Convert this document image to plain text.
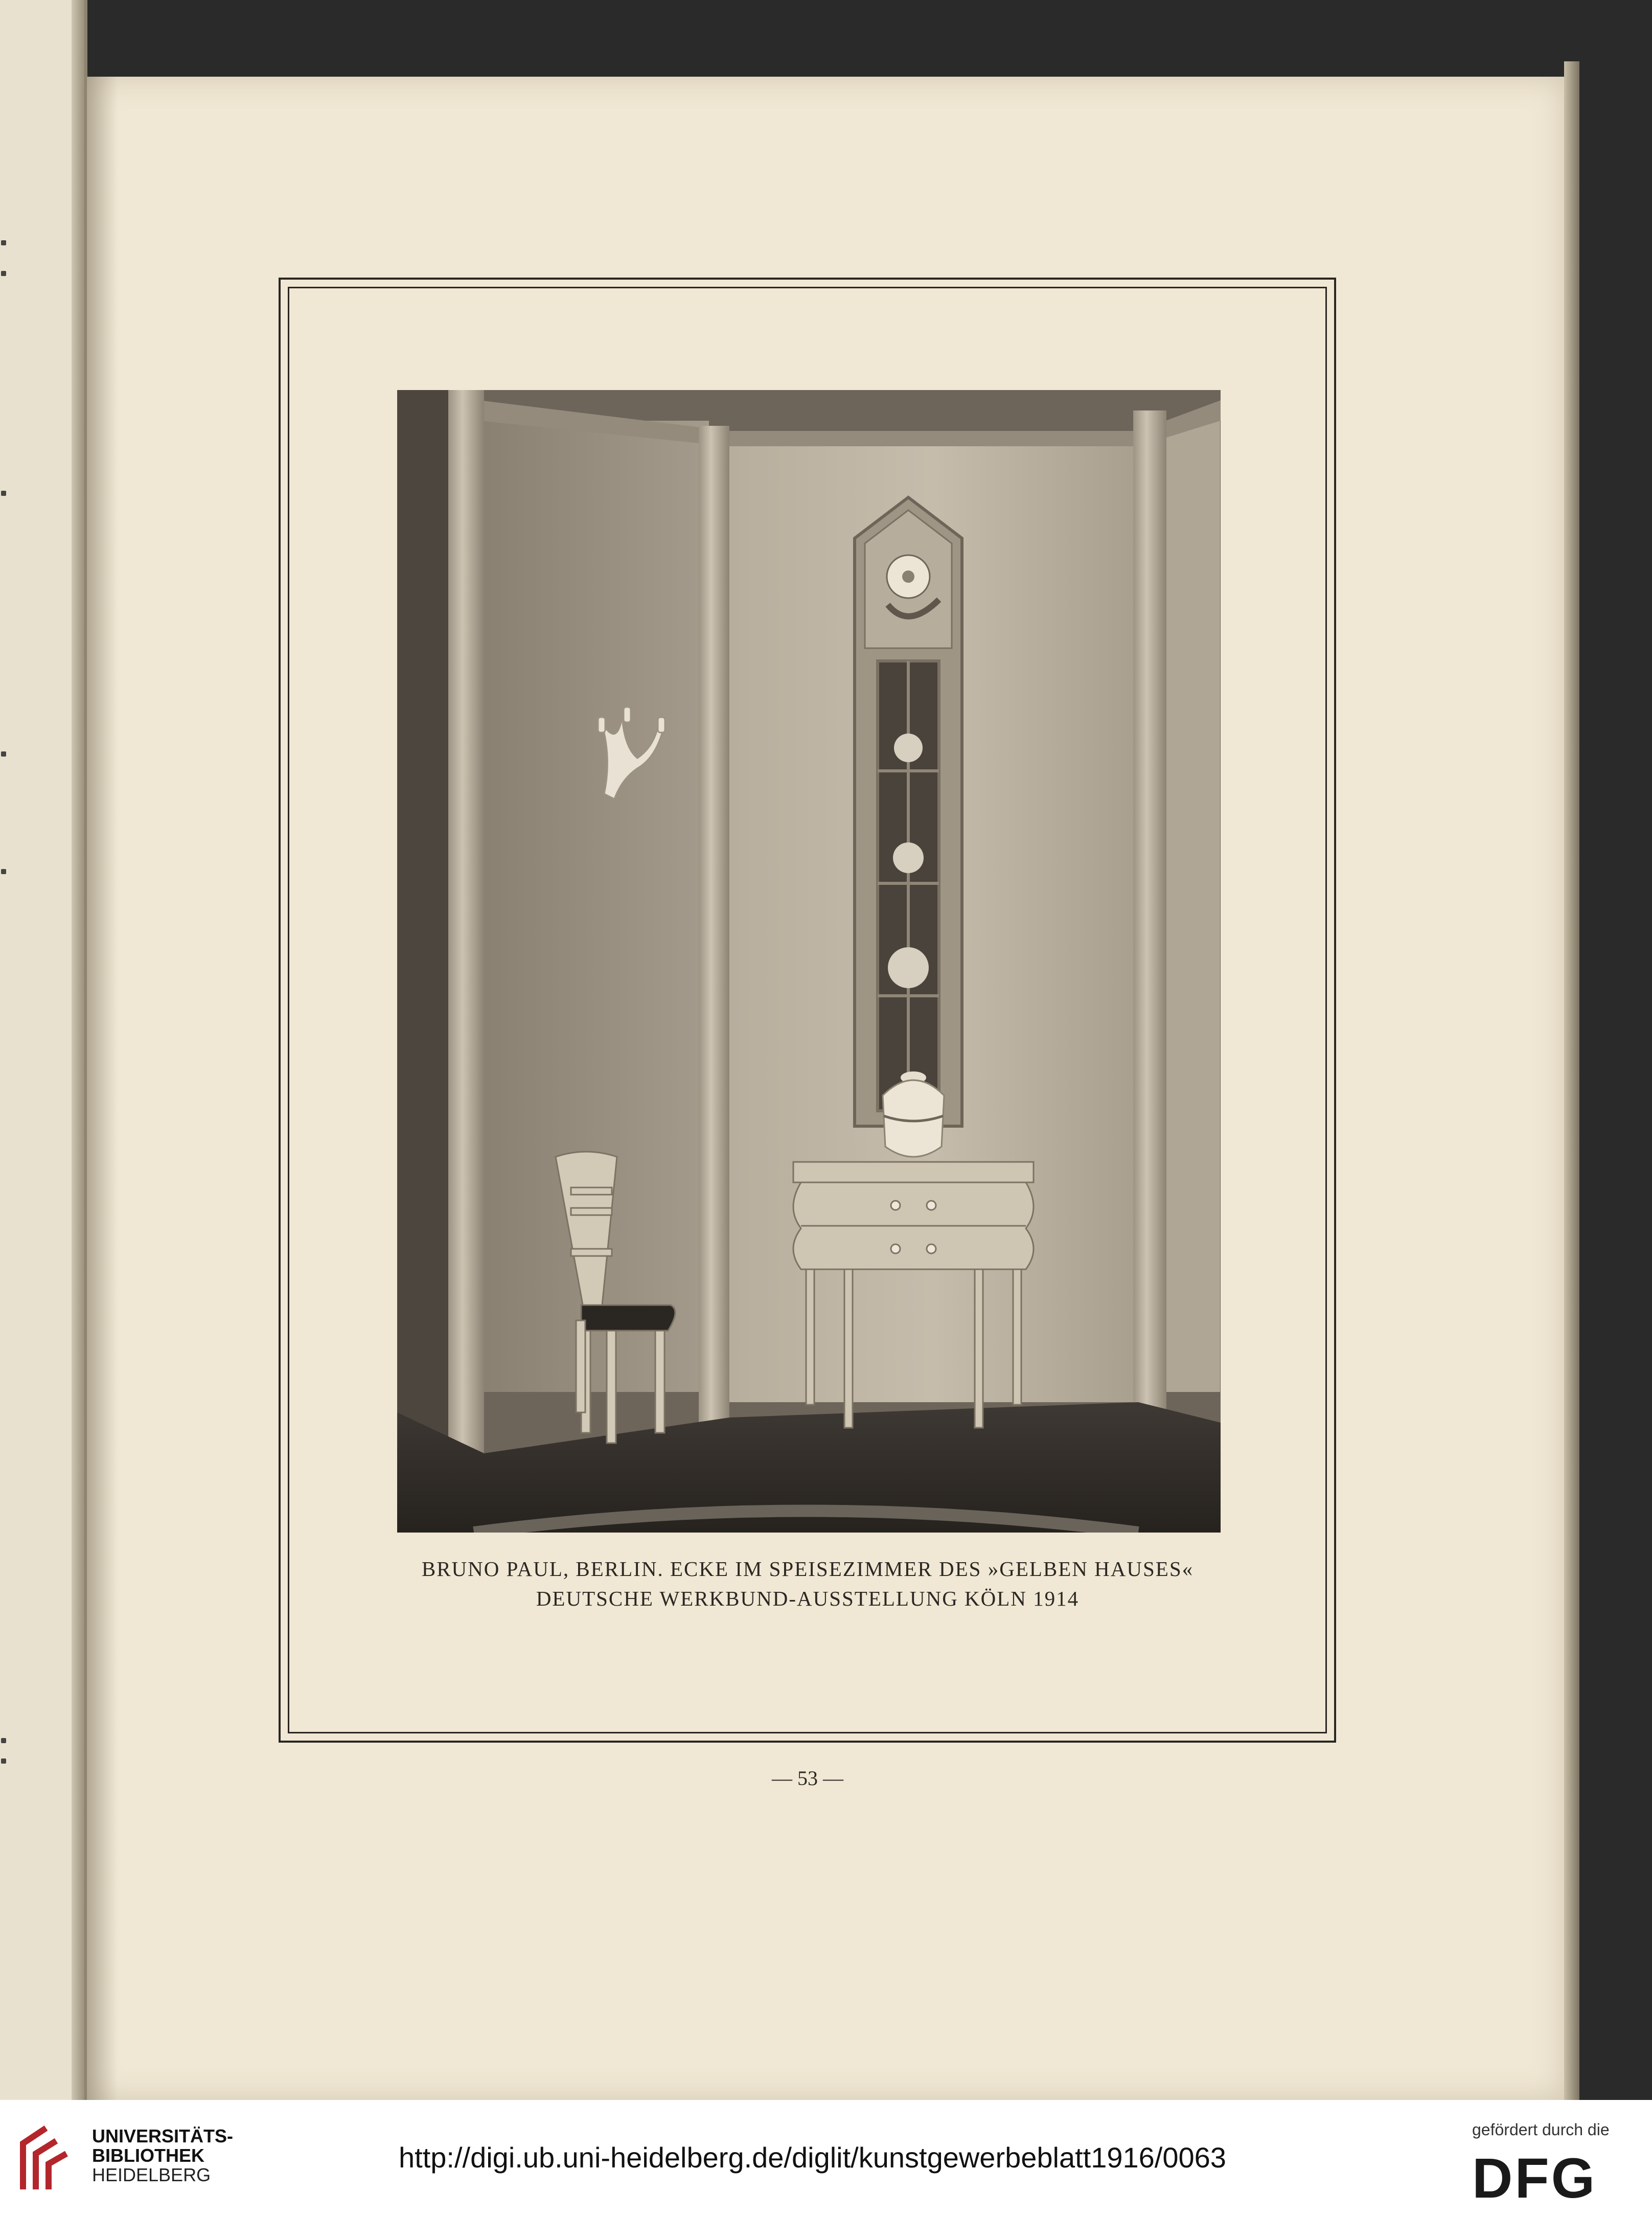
BRUNO PAUL, BERLIN. ECKE IM SPEISEZIMMER DES »GELBEN HAUSES«
DEUTSCHE WERKBUND-AUSSTELLUNG KÖLN 1914
— 53 —
UNIVERSITÄTS-
BIBLIOTHEK
HEIDELBERG
http://digi.ub.uni-heidelberg.de/diglit/kunstgewerbeblatt1916/0063
gefördert durch die
DFG
